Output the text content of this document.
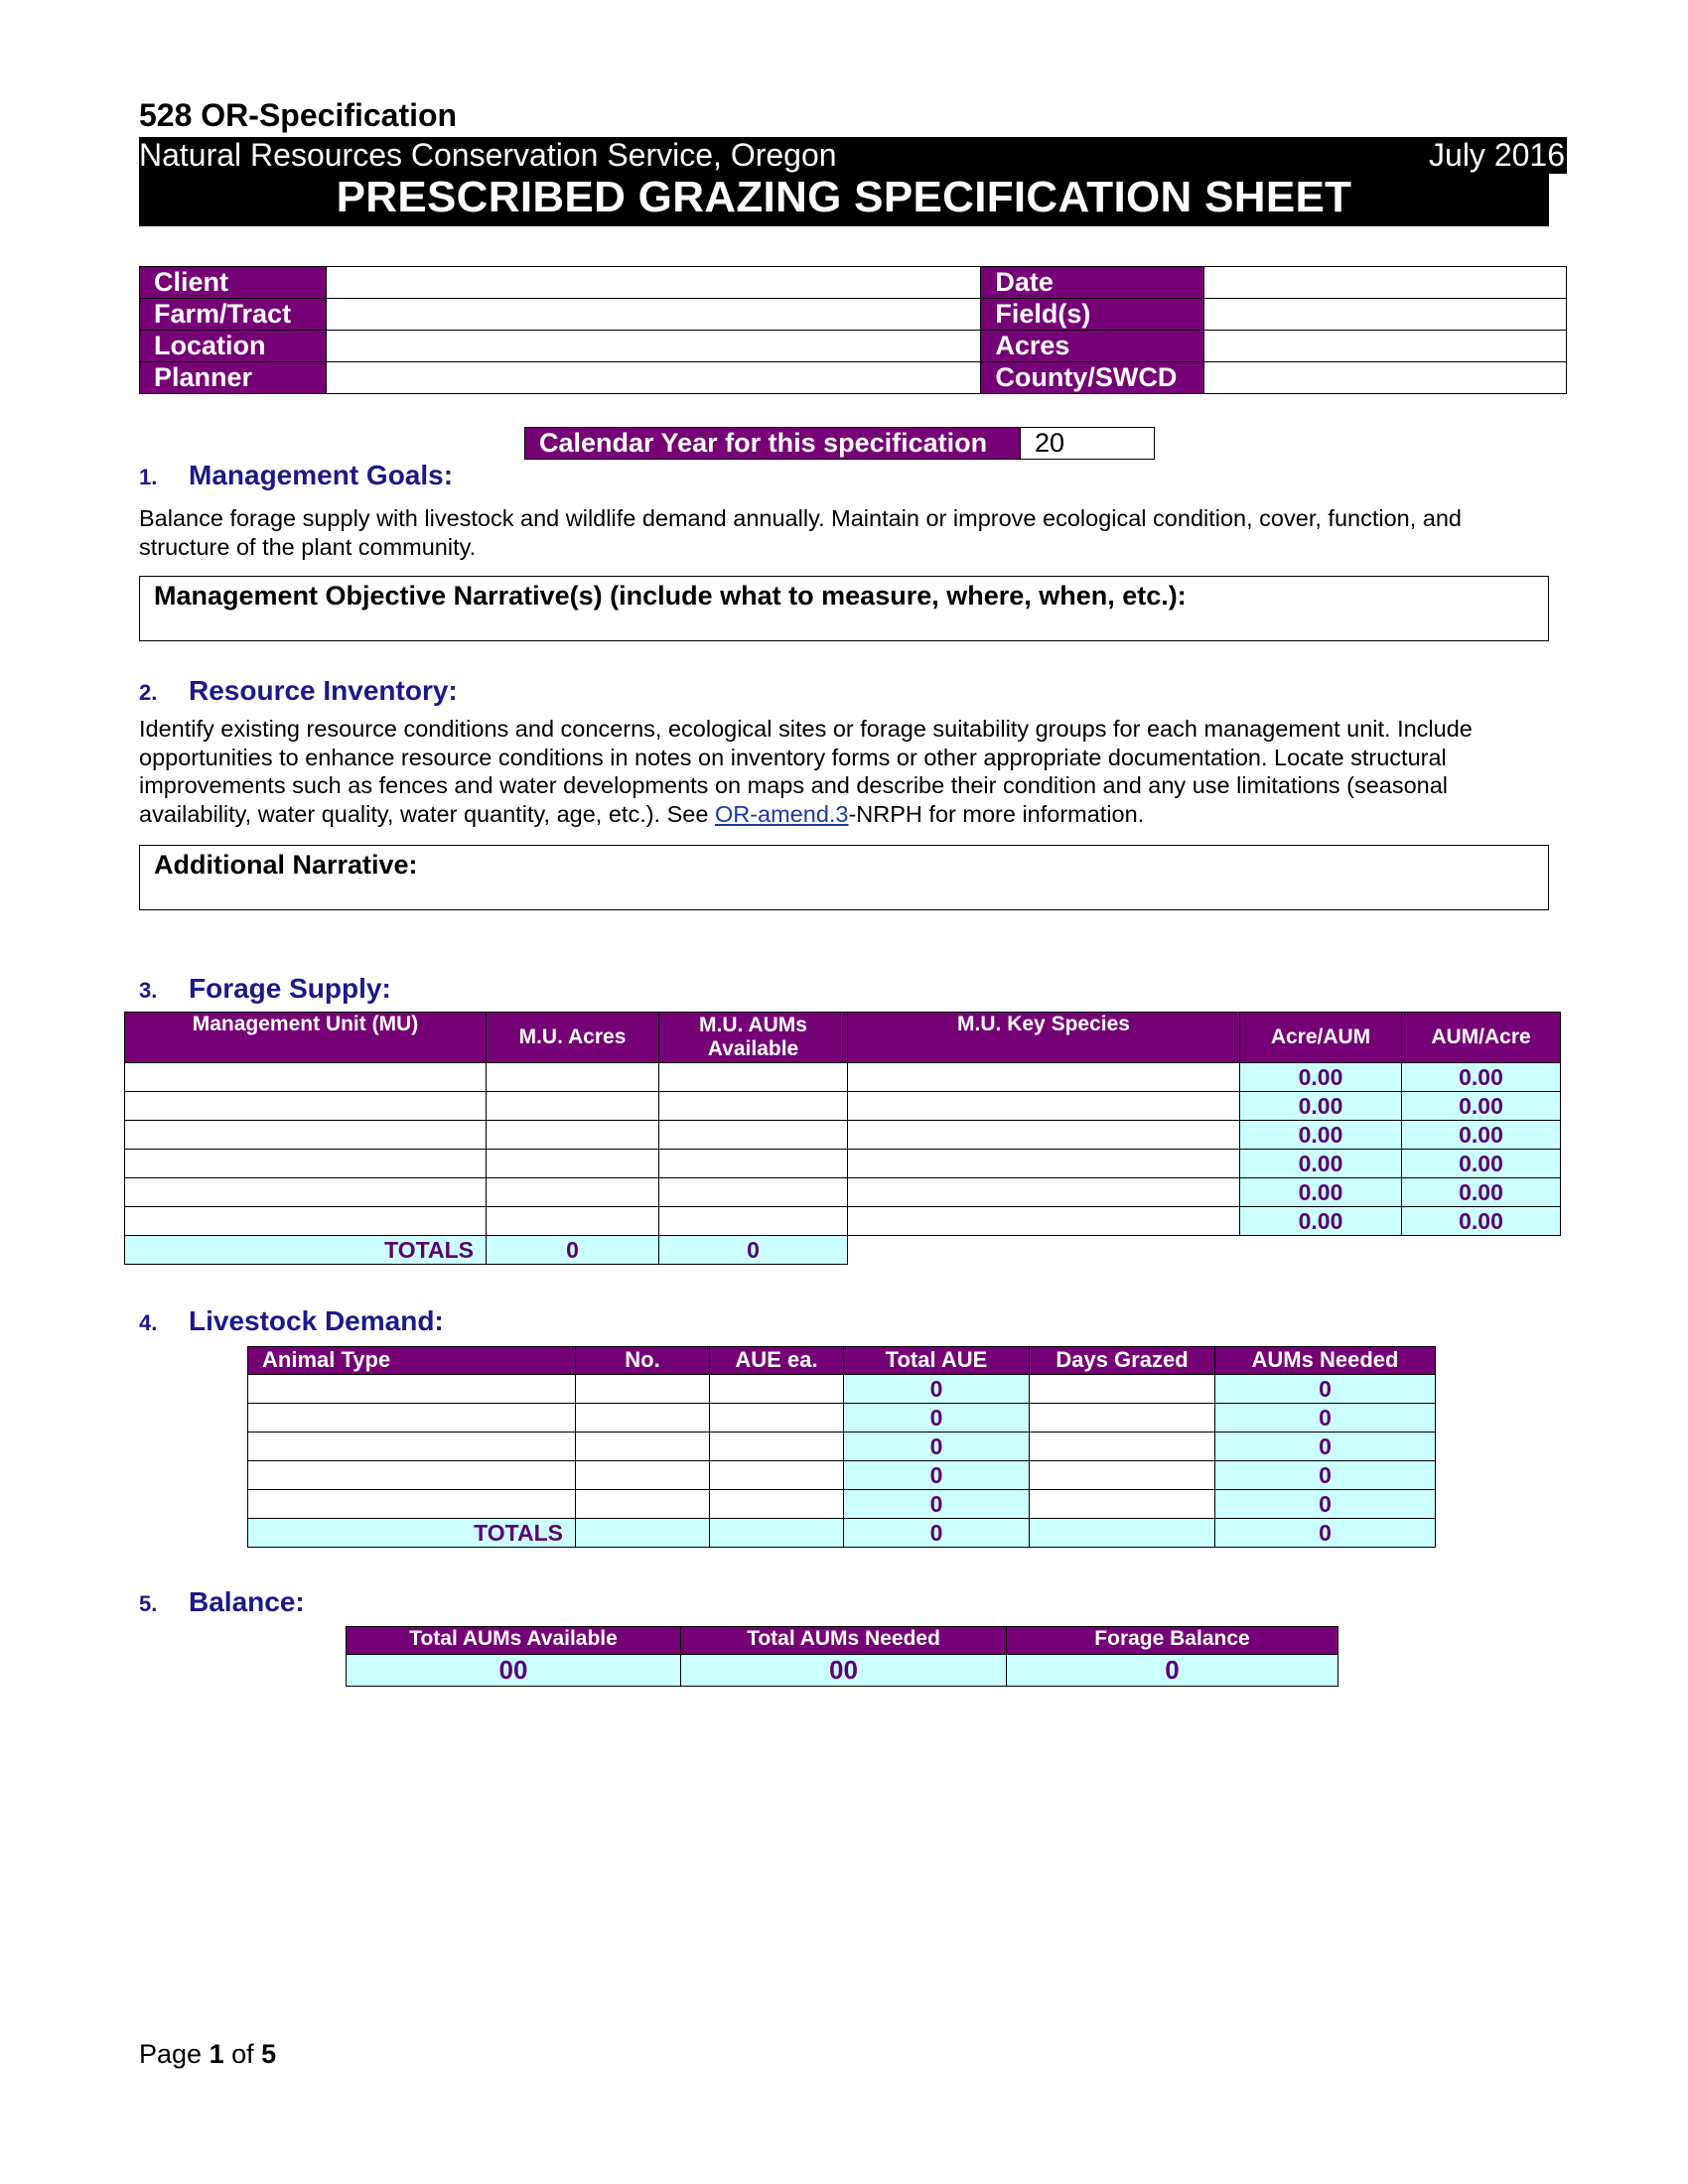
528 OR-Specification
Natural Resources Conservation Service, Oregon	July 2016
PRESCRIBED GRAZING SPECIFICATION SHEET
Client		Date	
Farm/Tract		Field(s)	
Location		Acres	
Planner		County/SWCD	
Calendar Year for this specification	20
1. Management Goals:
Balance forage supply with livestock and wildlife demand annually. Maintain or improve ecological condition, cover, function, and structure of the plant community.
Management Objective Narrative(s) (include what to measure, where, when, etc.):
2. Resource Inventory:
Identify existing resource conditions and concerns, ecological sites or forage suitability groups for each management unit. Include opportunities to enhance resource conditions in notes on inventory forms or other appropriate documentation. Locate structural improvements such as fences and water developments on maps and describe their condition and any use limitations (seasonal availability, water quality, water quantity, age, etc.). See OR-amend.3-NRPH for more information.
Additional Narrative:
3. Forage Supply:
Management Unit (MU)	M.U. Acres	M.U. AUMs Available	M.U. Key Species	Acre/AUM	AUM/Acre
				0.00	0.00
				0.00	0.00
				0.00	0.00
				0.00	0.00
				0.00	0.00
				0.00	0.00
TOTALS	0	0			
4. Livestock Demand:
Animal Type	No.	AUE ea.	Total AUE	Days Grazed	AUMs Needed
			0		0
			0		0
			0		0
			0		0
			0		0
TOTALS			0		0
5. Balance:
Total AUMs Available	Total AUMs Needed	Forage Balance
00	00	0
Page 1 of 5
